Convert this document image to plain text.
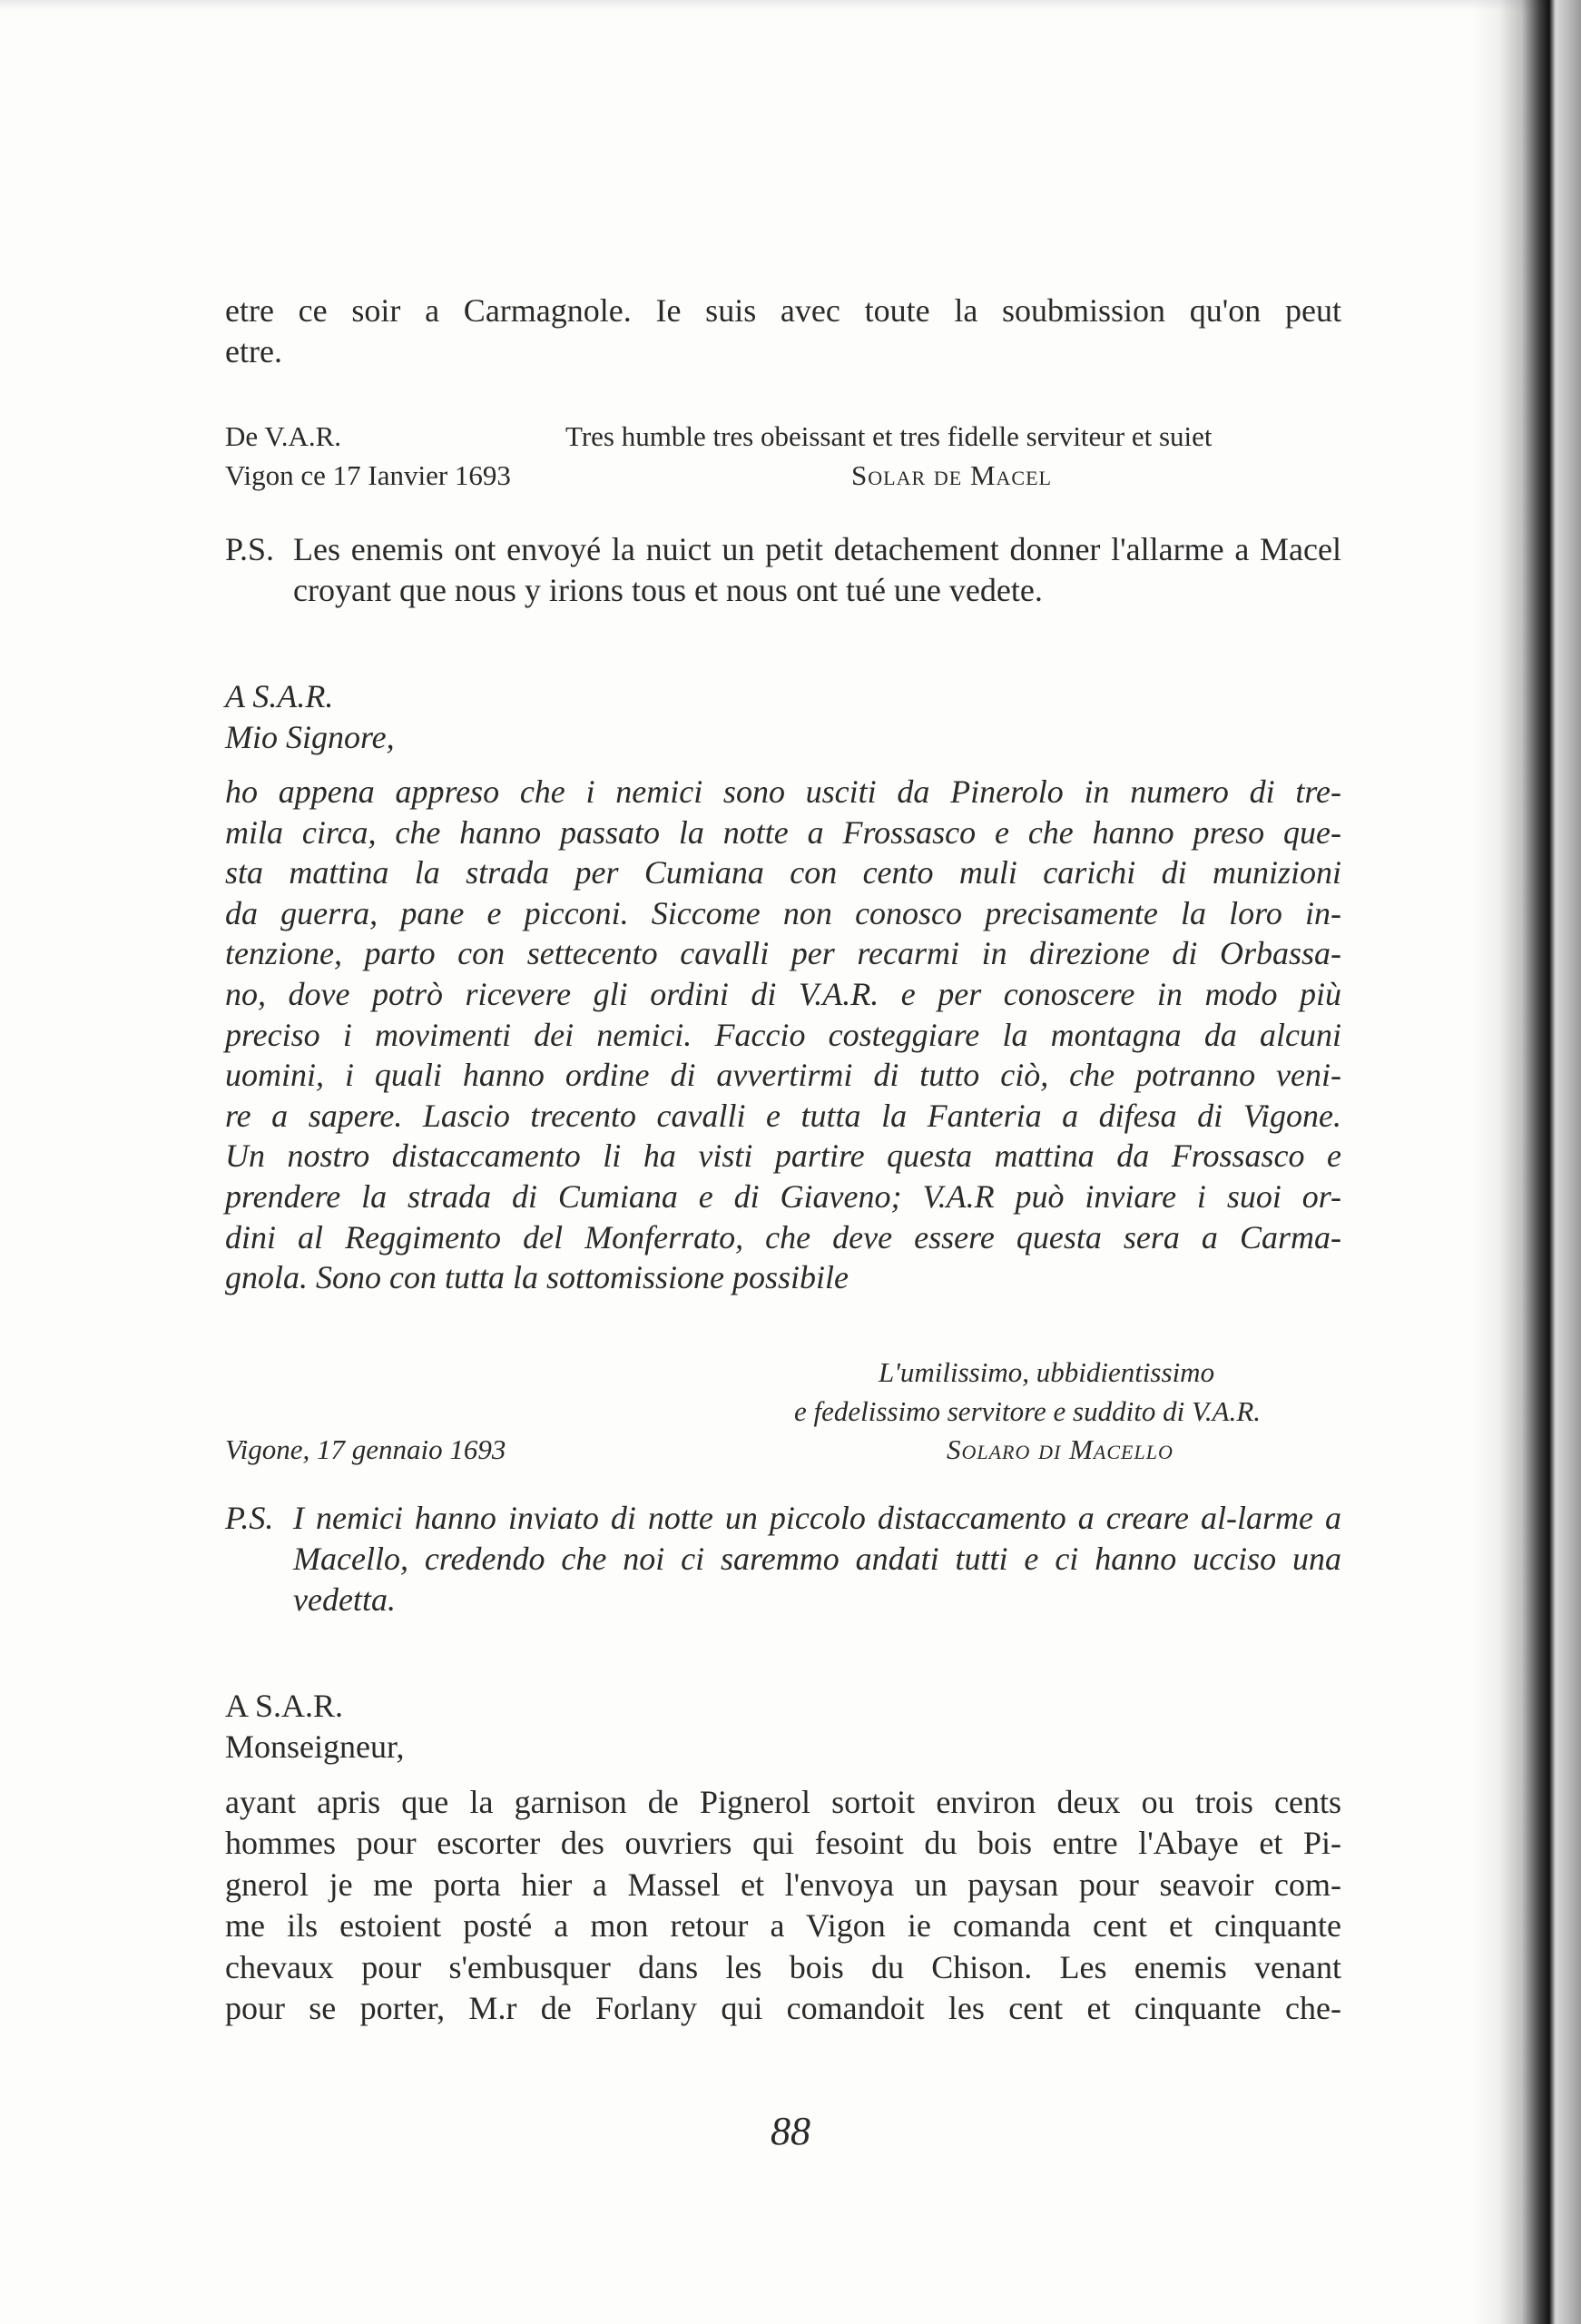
etre ce soir a Carmagnole. Ie suis avec toute la soubmission qu'on peut
etre.
De V.A.R.	Tres humble tres obeissant et tres fidelle serviteur et suiet
Vigon ce 17 Ianvier 1693	Solar de Macel
P.S. Les enemis ont envoyé la nuict un petit detachement donner l'allarme a Macel croyant que nous y irions tous et nous ont tué une vedete.
A S.A.R.
Mio Signore,
ho appena appreso che i nemici sono usciti da Pinerolo in numero di tre-
mila circa, che hanno passato la notte a Frossasco e che hanno preso que-
sta mattina la strada per Cumiana con cento muli carichi di munizioni
da guerra, pane e picconi. Siccome non conosco precisamente la loro in-
tenzione, parto con settecento cavalli per recarmi in direzione di Orbassa-
no, dove potrò ricevere gli ordini di V.A.R. e per conoscere in modo più
preciso i movimenti dei nemici. Faccio costeggiare la montagna da alcuni
uomini, i quali hanno ordine di avvertirmi di tutto ciò, che potranno veni-
re a sapere. Lascio trecento cavalli e tutta la Fanteria a difesa di Vigone.
Un nostro distaccamento li ha visti partire questa mattina da Frossasco e
prendere la strada di Cumiana e di Giaveno; V.A.R può inviare i suoi or-
dini al Reggimento del Monferrato, che deve essere questa sera a Carma-
gnola. Sono con tutta la sottomissione possibile
L'umilissimo, ubbidientissimo
e fedelissimo servitore e suddito di V.A.R.
Vigone, 17 gennaio 1693	Solaro di Macello
P.S. I nemici hanno inviato di notte un piccolo distaccamento a creare al-larme a Macello, credendo che noi ci saremmo andati tutti e ci hanno ucciso una vedetta.
A S.A.R.
Monseigneur,
ayant apris que la garnison de Pignerol sortoit environ deux ou trois cents
hommes pour escorter des ouvriers qui fesoint du bois entre l'Abaye et Pi-
gnerol je me porta hier a Massel et l'envoya un paysan pour seavoir com-
me ils estoient posté a mon retour a Vigon ie comanda cent et cinquante
chevaux pour s'embusquer dans les bois du Chison. Les enemis venant
pour se porter, M.r de Forlany qui comandoit les cent et cinquante che-
88
